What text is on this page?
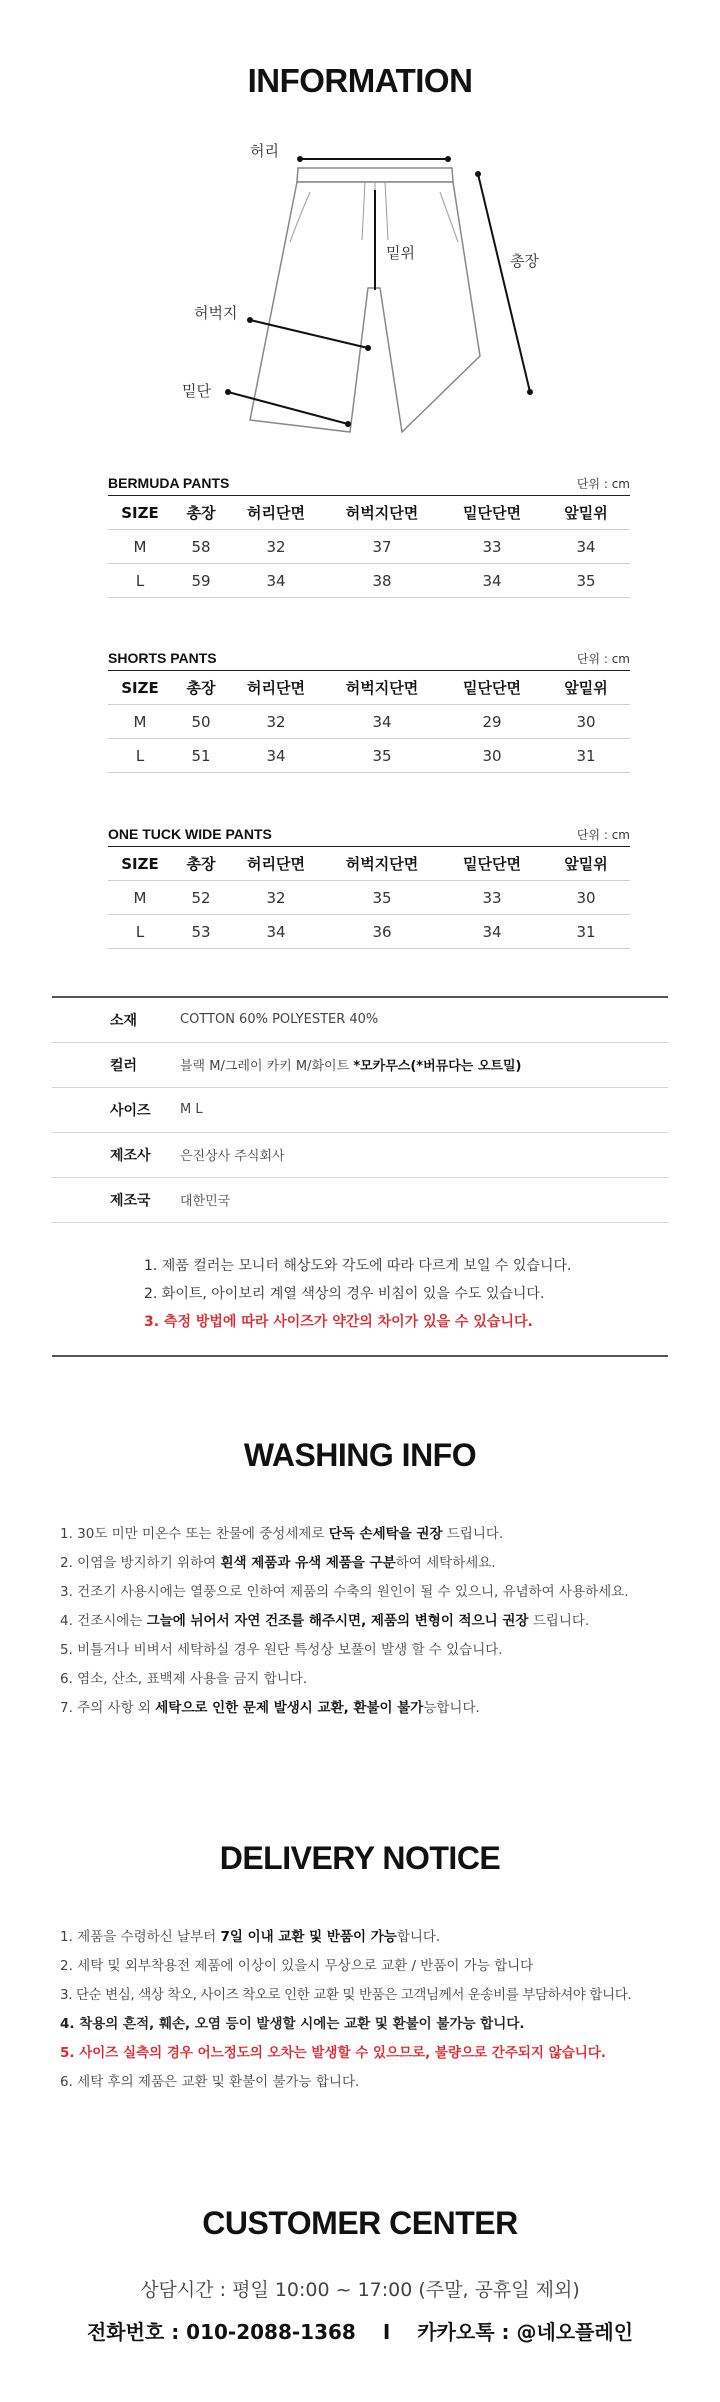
INFORMATION
허리
밑위	총장
허벅지
밑단
BERMUDA PANTS	단위 : cm
SIZE	총장	허리단면	허벅지단면	밑단단면	앞밑위
M	58	32	37	33	34
L	59	34	38	34	35
SHORTS PANTS	단위 : cm
SIZE	총장	허리단면	허벅지단면	밑단단면	앞밑위
M	50	32	34	29	30
L	51	34	35	30	31
ONE TUCK WIDE PANTS	단위 : cm
SIZE	총장	허리단면	허벅지단면	밑단단면	앞밑위
M	52	32	35	33	30
L	53	34	36	34	31
소재	COTTON 60% POLYESTER 40%
컬러	블랙 M/그레이 카키 M/화이트 *모카무스(*버뮤다는 오트밀)
사이즈	M L
제조사	은진상사 주식회사
제조국	대한민국
1. 제품 컬러는 모니터 해상도와 각도에 따라 다르게 보일 수 있습니다.
2. 화이트, 아이보리 계열 색상의 경우 비침이 있을 수도 있습니다.
3. 측정 방법에 따라 사이즈가 약간의 차이가 있을 수 있습니다.
WASHING INFO
1. 30도 미만 미온수 또는 찬물에 중성세제로 단독 손세탁을 권장 드립니다.
2. 이염을 방지하기 위하여 흰색 제품과 유색 제품을 구분하여 세탁하세요.
3. 건조기 사용시에는 열풍으로 인하여 제품의 수축의 원인이 될 수 있으니, 유념하여 사용하세요.
4. 건조시에는 그늘에 뉘어서 자연 건조를 해주시면, 제품의 변형이 적으니 권장 드립니다.
5. 비틀거나 비벼서 세탁하실 경우 원단 특성상 보풀이 발생 할 수 있습니다.
6. 염소, 산소, 표백제 사용을 금지 합니다.
7. 주의 사항 외 세탁으로 인한 문제 발생시 교환, 환불이 불가능합니다.
DELIVERY NOTICE
1. 제품을 수령하신 날부터 7일 이내 교환 및 반품이 가능합니다.
2. 세탁 및 외부착용전 제품에 이상이 있을시 무상으로 교환 / 반품이 가능 합니다
3. 단순 변심, 색상 착오, 사이즈 착오로 인한 교환 및 반품은 고객님께서 운송비를 부담하셔야 합니다.
4. 착용의 흔적, 훼손, 오염 등이 발생할 시에는 교환 및 환불이 불가능 합니다.
5. 사이즈 실측의 경우 어느정도의 오차는 발생할 수 있으므로, 불량으로 간주되지 않습니다.
6. 세탁 후의 제품은 교환 및 환불이 불가능 합니다.
CUSTOMER CENTER
상담시간 : 평일 10:00 ~ 17:00 (주말, 공휴일 제외)
전화번호 : 010-2088-1368 I 카카오톡 : @네오플레인
